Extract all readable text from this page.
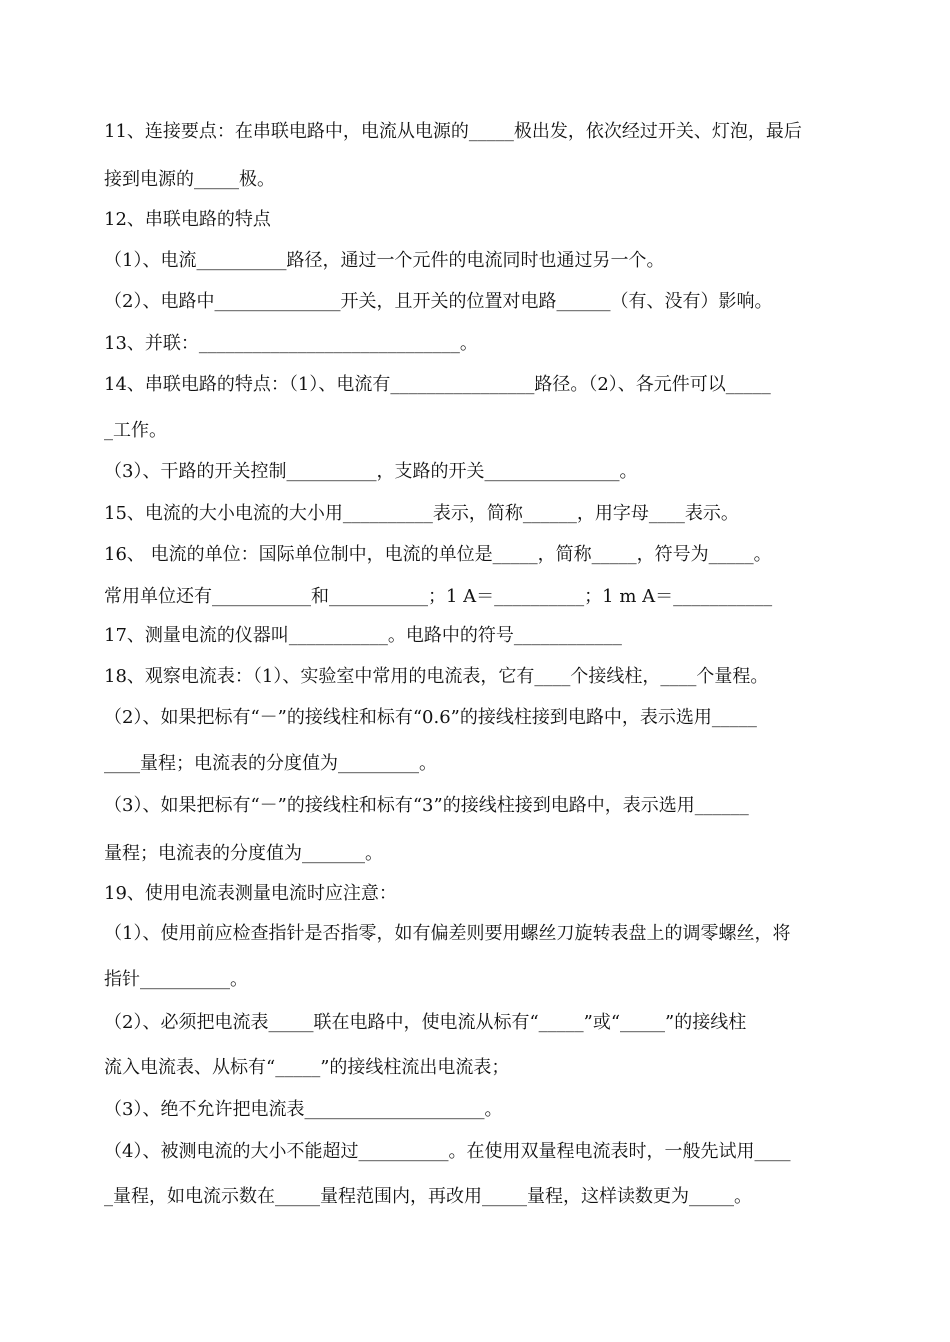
11、连接要点：在串联电路中，电流从电源的_____极出发，依次经过开关、灯泡，最后
接到电源的_____极。
12、串联电路的特点
（1）、电流__________路径，通过一个元件的电流同时也通过另一个。
（2）、电路中______________开关，且开关的位置对电路______（有、没有）影响。
13、并联：_____________________________。
14、串联电路的特点：（1）、电流有________________路径。（2）、各元件可以_____
_工作。
（3）、干路的开关控制__________，支路的开关_______________。
15、电流的大小电流的大小用__________表示，简称______，用字母____表示。
16、 电流的单位：国际单位制中，电流的单位是_____，简称_____，符号为_____。
常用单位还有___________和___________；1 A＝__________；1 m A＝___________
17、测量电流的仪器叫___________。电路中的符号____________
18、观察电流表：（1）、实验室中常用的电流表，它有____个接线柱，____个量程。
（2）、如果把标有“－”的接线柱和标有“0.6”的接线柱接到电路中，表示选用_____
____量程；电流表的分度值为_________。
（3）、如果把标有“－”的接线柱和标有“3”的接线柱接到电路中，表示选用______
量程；电流表的分度值为_______。
19、使用电流表测量电流时应注意：
（1）、使用前应检查指针是否指零，如有偏差则要用螺丝刀旋转表盘上的调零螺丝，将
指针__________。
（2）、必须把电流表_____联在电路中，使电流从标有“_____”或“_____”的接线柱
流入电流表、从标有“_____”的接线柱流出电流表；
（3）、绝不允许把电流表____________________。
（4）、被测电流的大小不能超过__________。在使用双量程电流表时，一般先试用____
_量程，如电流示数在_____量程范围内，再改用_____量程，这样读数更为_____。
